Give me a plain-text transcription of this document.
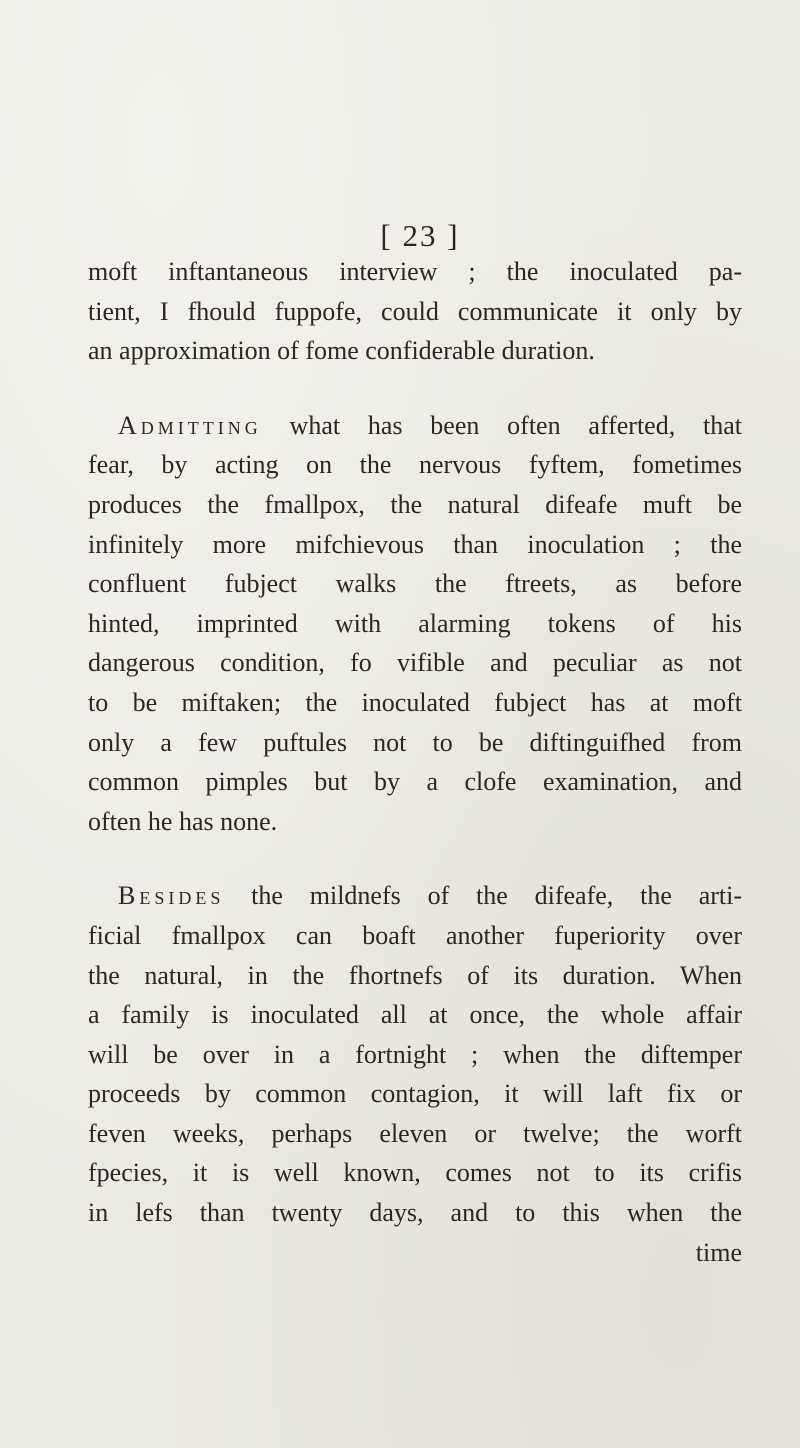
[ 23 ]
moft inftantaneous interview ; the inoculated pa-
tient, I fhould fuppofe, could communicate it only by
an approximation of fome confiderable duration.
Admitting what has been often afferted, that
fear, by acting on the nervous fyftem, fometimes
produces the fmallpox, the natural difeafe muft be
infinitely more mifchievous than inoculation ; the
confluent fubject walks the ftreets, as before
hinted, imprinted with alarming tokens of his
dangerous condition, fo vifible and peculiar as not
to be miftaken; the inoculated fubject has at moft
only a few puftules not to be diftinguifhed from
common pimples but by a clofe examination, and
often he has none.
Besides the mildnefs of the difeafe, the arti-
ficial fmallpox can boaft another fuperiority over
the natural, in the fhortnefs of its duration. When
a family is inoculated all at once, the whole affair
will be over in a fortnight ; when the diftemper
proceeds by common contagion, it will laft fix or
feven weeks, perhaps eleven or twelve; the worft
fpecies, it is well known, comes not to its crifis
in lefs than twenty days, and to this when the
time
